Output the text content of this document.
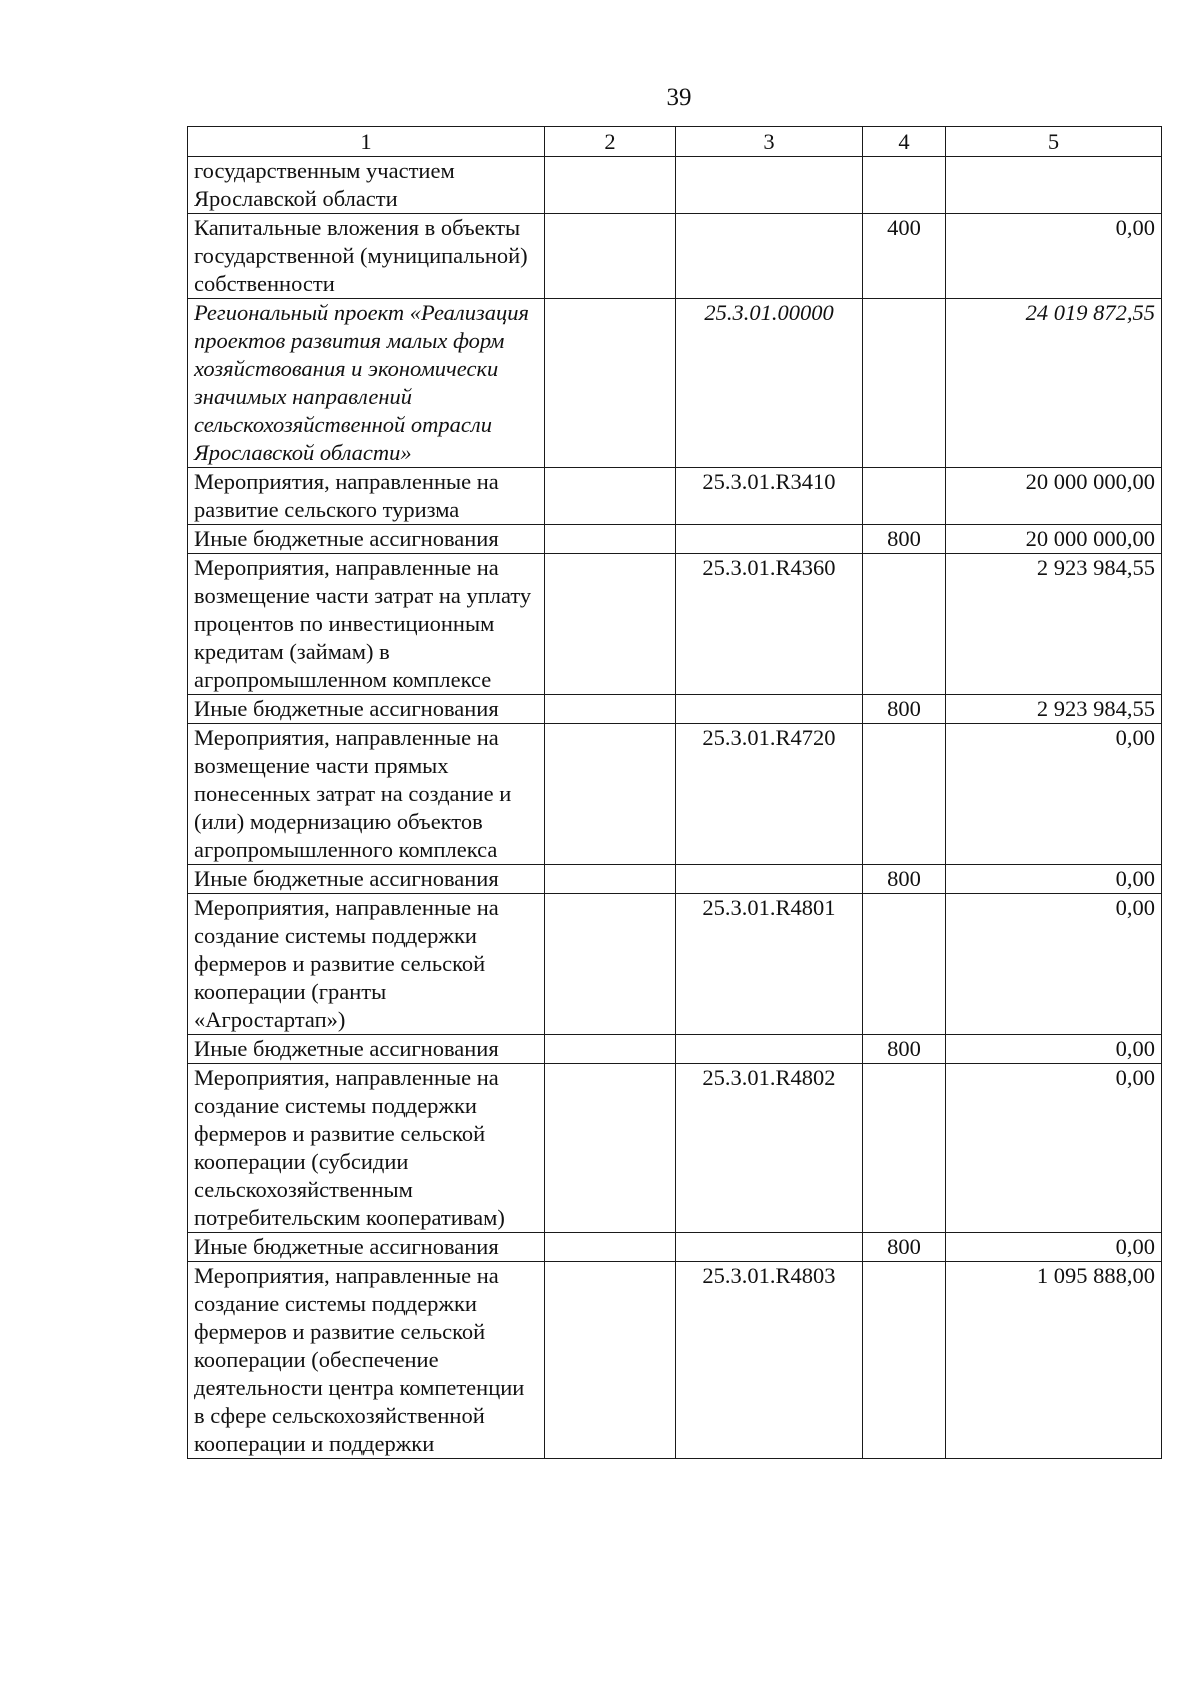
39
1	2	3	4	5
государственным участием Ярославской области				
Капитальные вложения в объекты государственной (муниципальной) собственности			400	0,00
Региональный проект «Реализация проектов развития малых форм хозяйствования и экономически значимых направлений сельскохозяйственной отрасли Ярославской области»		25.3.01.00000		24 019 872,55
Мероприятия, направленные на развитие сельского туризма		25.3.01.R3410		20 000 000,00
Иные бюджетные ассигнования			800	20 000 000,00
Мероприятия, направленные на возмещение части затрат на уплату процентов по инвестиционным кредитам (займам) в агропромышленном комплексе		25.3.01.R4360		2 923 984,55
Иные бюджетные ассигнования			800	2 923 984,55
Мероприятия, направленные на возмещение части прямых понесенных затрат на создание и (или) модернизацию объектов агропромышленного комплекса		25.3.01.R4720		0,00
Иные бюджетные ассигнования			800	0,00
Мероприятия, направленные на создание системы поддержки фермеров и развитие сельской кооперации (гранты «Агростартап»)		25.3.01.R4801		0,00
Иные бюджетные ассигнования			800	0,00
Мероприятия, направленные на создание системы поддержки фермеров и развитие сельской кооперации (субсидии сельскохозяйственным потребительским кооперативам)		25.3.01.R4802		0,00
Иные бюджетные ассигнования			800	0,00
Мероприятия, направленные на создание системы поддержки фермеров и развитие сельской кооперации (обеспечение деятельности центра компетенции в сфере сельскохозяйственной кооперации и поддержки		25.3.01.R4803		1 095 888,00
